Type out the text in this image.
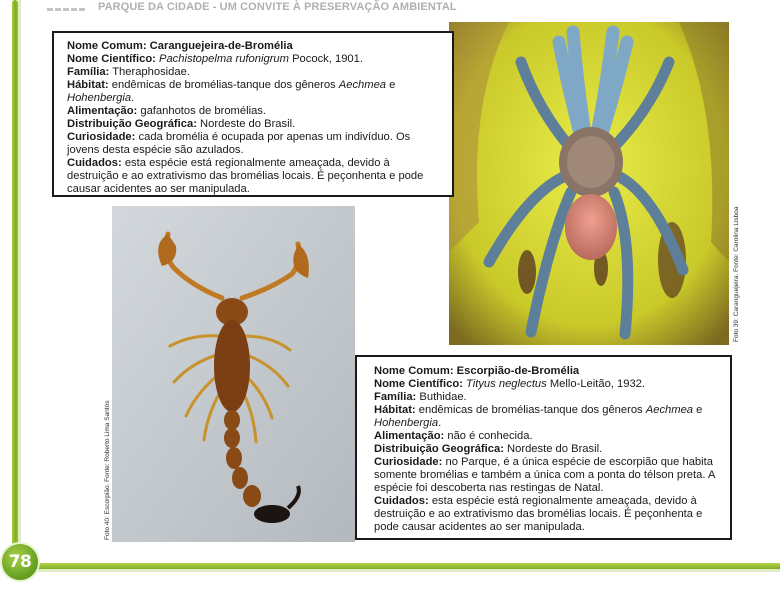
PARQUE DA CIDADE - UM CONVITE À PRESERVAÇÃO AMBIENTAL
Foto 39: Caranguejeira. Fonte: Carolina Lisboa
Foto 40: Escorpião. Fonte: Roberto Lima Santos
Nome Comum: Caranguejeira-de-Bromélia
Nome Científico: Pachistopelma rufonigrum Pocock, 1901.
Família: Theraphosidae.
Hábitat: endêmicas de bromélias-tanque dos gêneros Aechmea e
Hohenbergia.
Alimentação: gafanhotos de bromélias.
Distribuição Geográfica: Nordeste do Brasil.
Curiosidade: cada bromélia é ocupada por apenas um indivíduo. Os
jovens desta espécie são azulados.
Cuidados: esta espécie está regionalmente ameaçada, devido à
destruição e ao extrativismo das bromélias locais. É peçonhenta e pode
causar acidentes ao ser manipulada.
Nome Comum: Escorpião-de-Bromélia
Nome Científico: Tityus neglectus Mello-Leitão, 1932.
Família: Buthidae.
Hábitat: endêmicas de bromélias-tanque dos gêneros Aechmea e
Hohenbergia.
Alimentação: não é conhecida.
Distribuição Geográfica: Nordeste do Brasil.
Curiosidade: no Parque, é a única espécie de escorpião que habita
somente bromélias e também a única com a ponta do télson preta. A
espécie foi descoberta nas restingas de Natal.
Cuidados: esta espécie está regionalmente ameaçada, devido à
destruição e ao extrativismo das bromélias locais. É peçonhenta e
pode causar acidentes ao ser manipulada.
78
